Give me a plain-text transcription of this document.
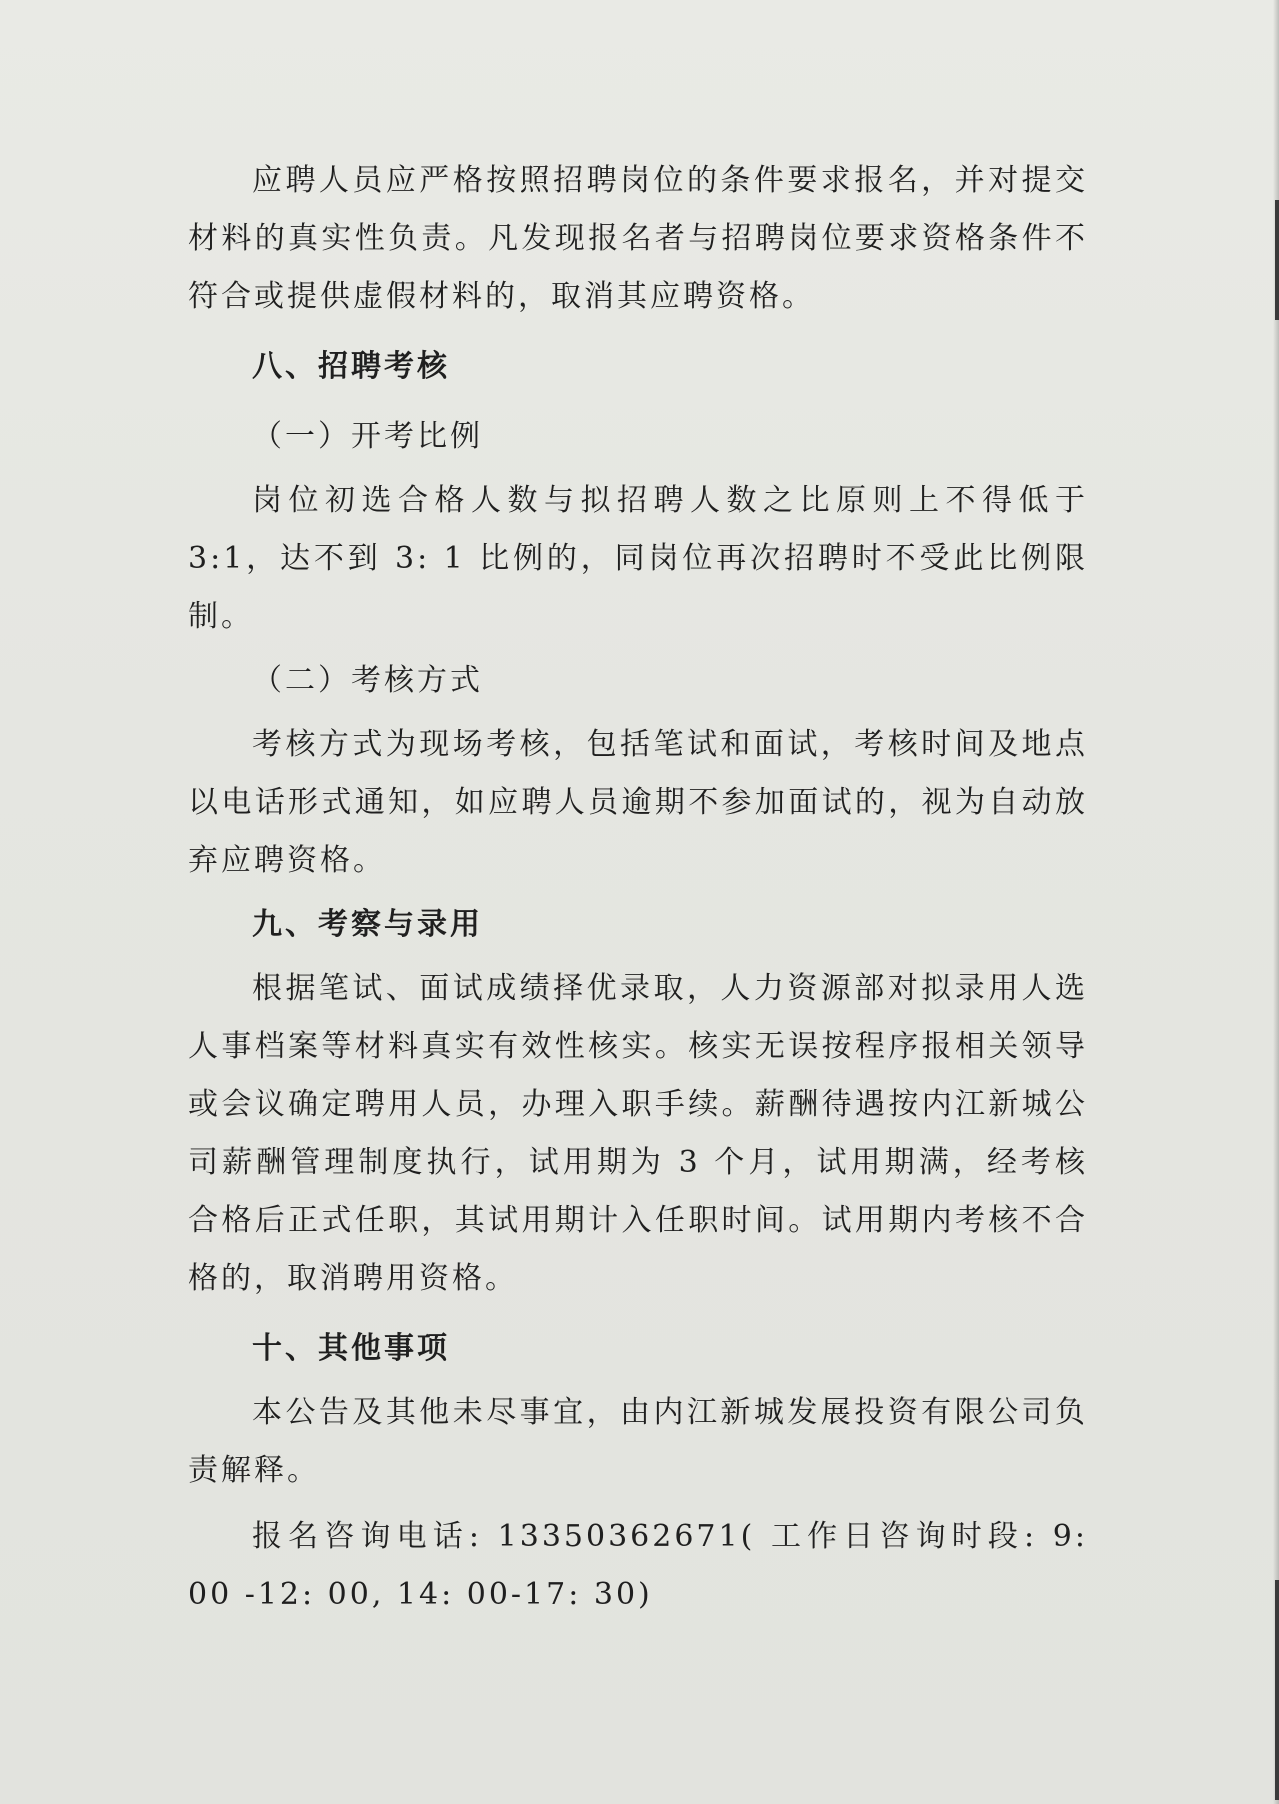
应聘人员应严格按照招聘岗位的条件要求报名，并对提交材料的真实性负责。凡发现报名者与招聘岗位要求资格条件不符合或提供虚假材料的，取消其应聘资格。

八、招聘考核

（一）开考比例

岗位初选合格人数与拟招聘人数之比原则上不得低于 3:1，达不到 3: 1 比例的，同岗位再次招聘时不受此比例限制。

（二）考核方式

考核方式为现场考核，包括笔试和面试，考核时间及地点以电话形式通知，如应聘人员逾期不参加面试的，视为自动放弃应聘资格。

九、考察与录用

根据笔试、面试成绩择优录取，人力资源部对拟录用人选人事档案等材料真实有效性核实。核实无误按程序报相关领导或会议确定聘用人员，办理入职手续。薪酬待遇按内江新城公司薪酬管理制度执行，试用期为 3 个月，试用期满，经考核合格后正式任职，其试用期计入任职时间。试用期内考核不合格的，取消聘用资格。

十、其他事项

本公告及其他未尽事宜，由内江新城发展投资有限公司负责解释。

报名咨询电话: 13350362671( 工作日咨询时段: 9: 00 -12: 00, 14: 00-17: 30)
